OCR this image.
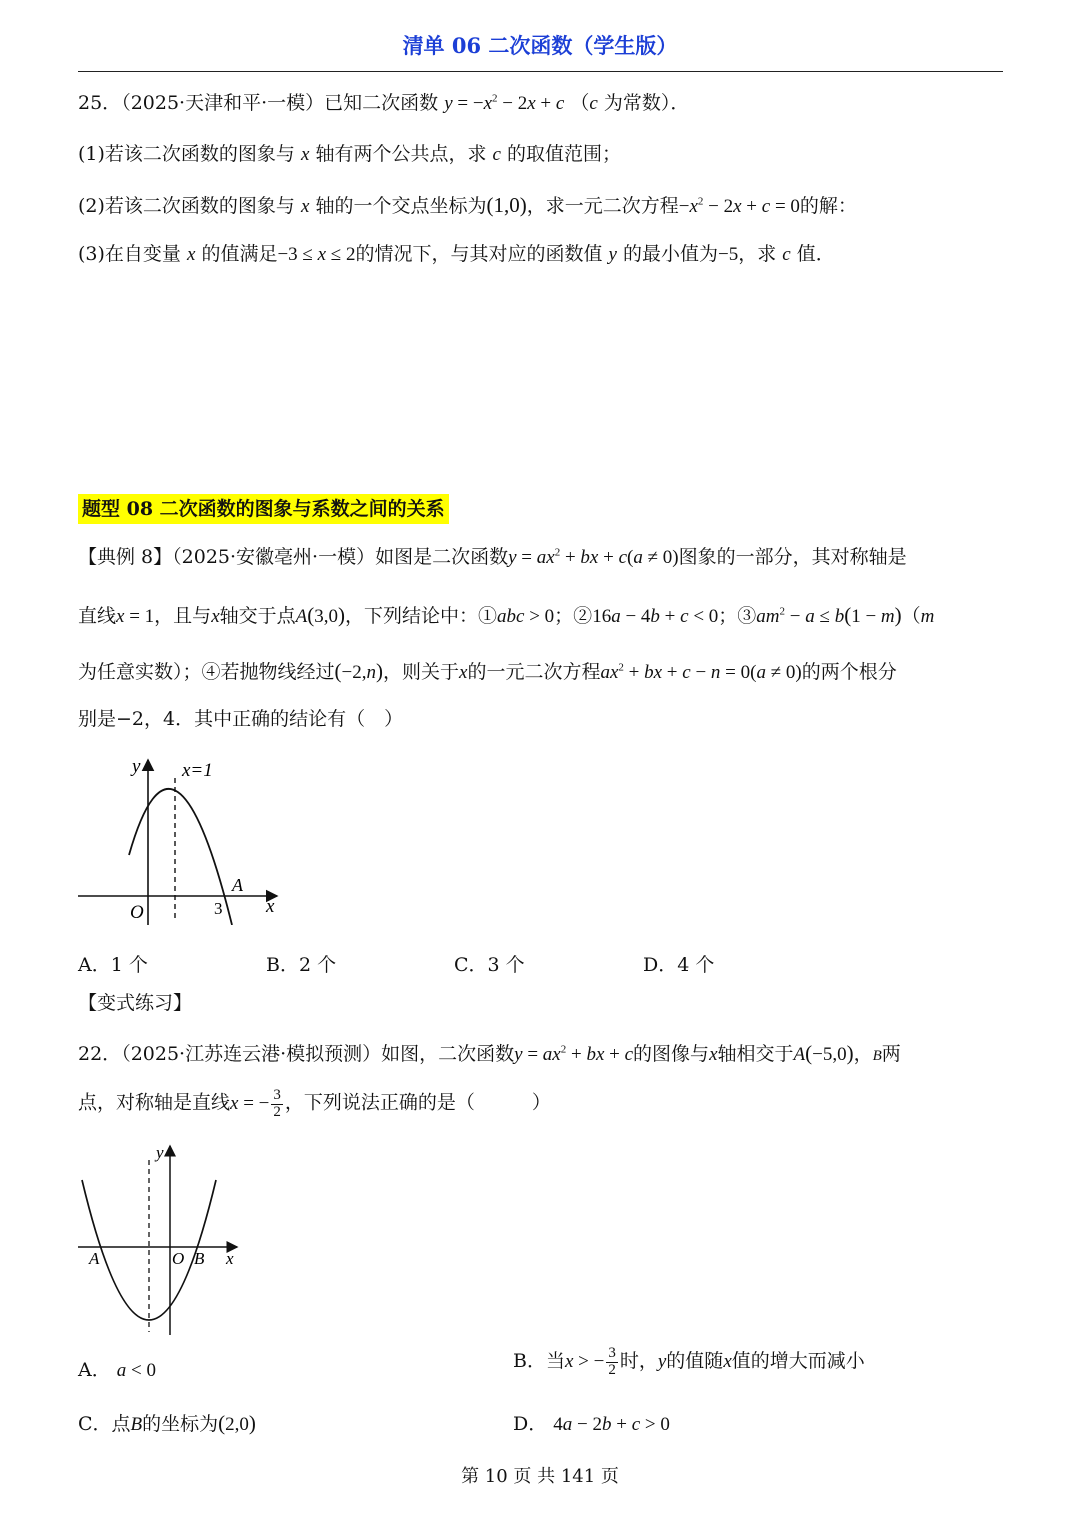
清单 06 二次函数（学生版）
25．（2025·天津和平·一模）已知二次函数 $y = -x^2 - 2x + c$ （c 为常数）．
(1)若该二次函数的图象与 x 轴有两个公共点，求 c 的取值范围；
(2)若该二次函数的图象与 x 轴的一个交点坐标为(1,0)，求一元二次方程$-x^2 - 2x + c = 0$的解：
(3)在自变量 x 的值满足−3 ≤ x ≤ 2的情况下，与其对应的函数值 y 的最小值为−5，求 c 值．
题型 08 二次函数的图象与系数之间的关系
【典例 8】（2025·安徽亳州·一模）如图是二次函数$y = ax^2$ + bx + c(a ≠ 0)图象的一部分，其对称轴是
直线x = 1，且与x轴交于点A(3,0)，下列结论中：①abc > 0；②16a − 4b + c < 0；$③am^2 - a \le b(1 - m)(m$
为任意实数）；④若抛物线经过(−2,n)，则关于x的一元二次方程$ax^2$ + bx + c − n = 0(a ≠ 0)的两个根分
别是−2，4．其中正确的结论有（　）
y
x
O
x=1
A
3
A．1 个	B．2 个	C．3 个	D．4 个
【变式练习】
22．（2025·江苏连云港·模拟预测）如图，二次函数$y = ax^2$ + bx + c的图像与x轴相交于A(−5,0)，B两
点，对称轴是直线x = − $\frac{3}{2}$ ，下列说法正确的是（　　　）
y
x
O
A	B
A． a < 0	B．当x > − $\frac{3}{2}$ 时，y的值随x值的增大而减小
C．点B的坐标为(2,0)	D． 4a − 2b + c > 0
第 10 页 共 141 页
